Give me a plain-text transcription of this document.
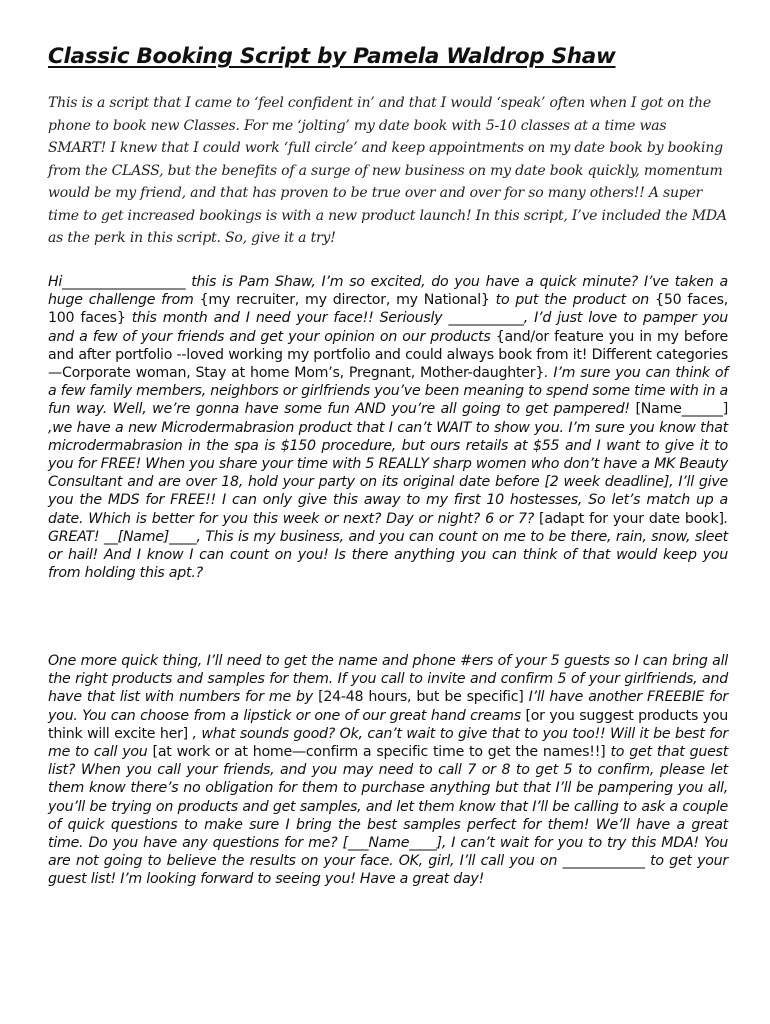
Classic Booking Script by Pamela Waldrop Shaw
This is a script that I came to ‘feel confident in’ and that I would ‘speak’ often when I got on the phone to book new Classes. For me ‘jolting’ my date book with 5-10 classes at a time was SMART! I knew that I could work ‘full circle’ and keep appointments on my date book by booking from the CLASS, but the benefits of a surge of new business on my date book quickly, momentum would be my friend, and that has proven to be true over and over for so many others!! A super time to get increased bookings is with a new product launch! In this script, I’ve included the MDA as the perk in this script. So, give it a try!
Hi__________________ this is Pam Shaw, I’m so excited, do you have a quick minute? I’ve taken a huge challenge from {my recruiter, my director, my National} to put the product on {50 faces, 100 faces} this month and I need your face!! Seriously ___________, I’d just love to pamper you and a few of your friends and get your opinion on our products {and/or feature you in my before and after portfolio --loved working my portfolio and could always book from it! Different categories—Corporate woman, Stay at home Mom’s, Pregnant, Mother-daughter}. I’m sure you can think of a few family members, neighbors or girlfriends you’ve been meaning to spend some time with in a fun way. Well, we’re gonna have some fun AND you’re all going to get pampered! [Name______] ,we have a new Microdermabrasion product that I can’t WAIT to show you. I’m sure you know that microdermabrasion in the spa is $150 procedure, but ours retails at $55 and I want to give it to you for FREE! When you share your time with 5 REALLY sharp women who don’t have a MK Beauty Consultant and are over 18, hold your party on its original date before [2 week deadline], I’ll give you the MDS for FREE!! I can only give this away to my first 10 hostesses, So let’s match up a date. Which is better for you this week or next? Day or night? 6 or 7? [adapt for your date book]. GREAT! __[Name]____, This is my business, and you can count on me to be there, rain, snow, sleet or hail! And I know I can count on you! Is there anything you can think of that would keep you from holding this apt.?
One more quick thing, I’ll need to get the name and phone #ers of your 5 guests so I can bring all the right products and samples for them. If you call to invite and confirm 5 of your girlfriends, and have that list with numbers for me by [24-48 hours, but be specific] I’ll have another FREEBIE for you. You can choose from a lipstick or one of our great hand creams [or you suggest products you think will excite her] , what sounds good? Ok, can’t wait to give that to you too!! Will it be best for me to call you [at work or at home—confirm a specific time to get the names!!] to get that guest list? When you call your friends, and you may need to call 7 or 8 to get 5 to confirm, please let them know there’s no obligation for them to purchase anything but that I’ll be pampering you all, you’ll be trying on products and get samples, and let them know that I’ll be calling to ask a couple of quick questions to make sure I bring the best samples perfect for them! We’ll have a great time. Do you have any questions for me? [___Name____], I can’t wait for you to try this MDA! You are not going to believe the results on your face. OK, girl, I’ll call you on ____________ to get your guest list! I’m looking forward to seeing you! Have a great day!
